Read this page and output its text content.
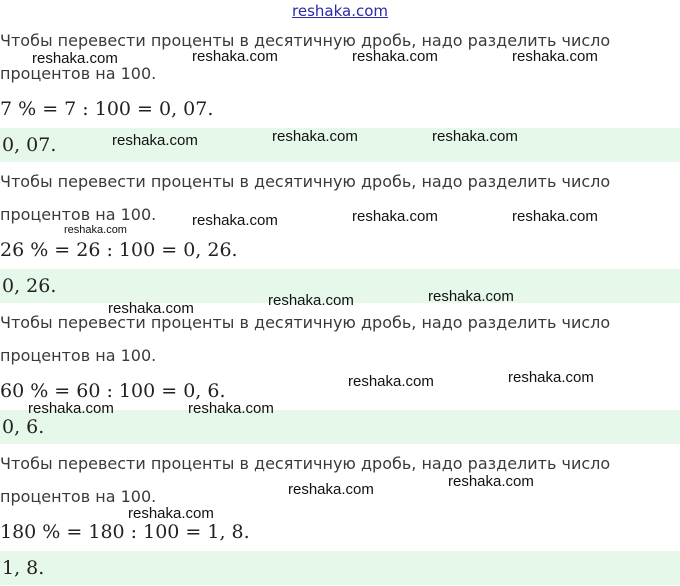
reshaka.com
Чтобы перевести проценты в десятичную дробь, надо разделить число
процентов на 100.
7 % = 7 : 100 = 0, 07.
0, 07.
Чтобы перевести проценты в десятичную дробь, надо разделить число
процентов на 100.
26 % = 26 : 100 = 0, 26.
0, 26.
Чтобы перевести проценты в десятичную дробь, надо разделить число
процентов на 100.
60 % = 60 : 100 = 0, 6.
0, 6.
Чтобы перевести проценты в десятичную дробь, надо разделить число
процентов на 100.
180 % = 180 : 100 = 1, 8.
1, 8.
reshaka.com	reshaka.com	reshaka.com	reshaka.com
reshaka.com	reshaka.com	reshaka.com
reshaka.com	reshaka.com	reshaka.com
reshaka.com
reshaka.com	reshaka.com	reshaka.com
reshaka.com	reshaka.com
reshaka.com	reshaka.com
reshaka.com	reshaka.com
reshaka.com
